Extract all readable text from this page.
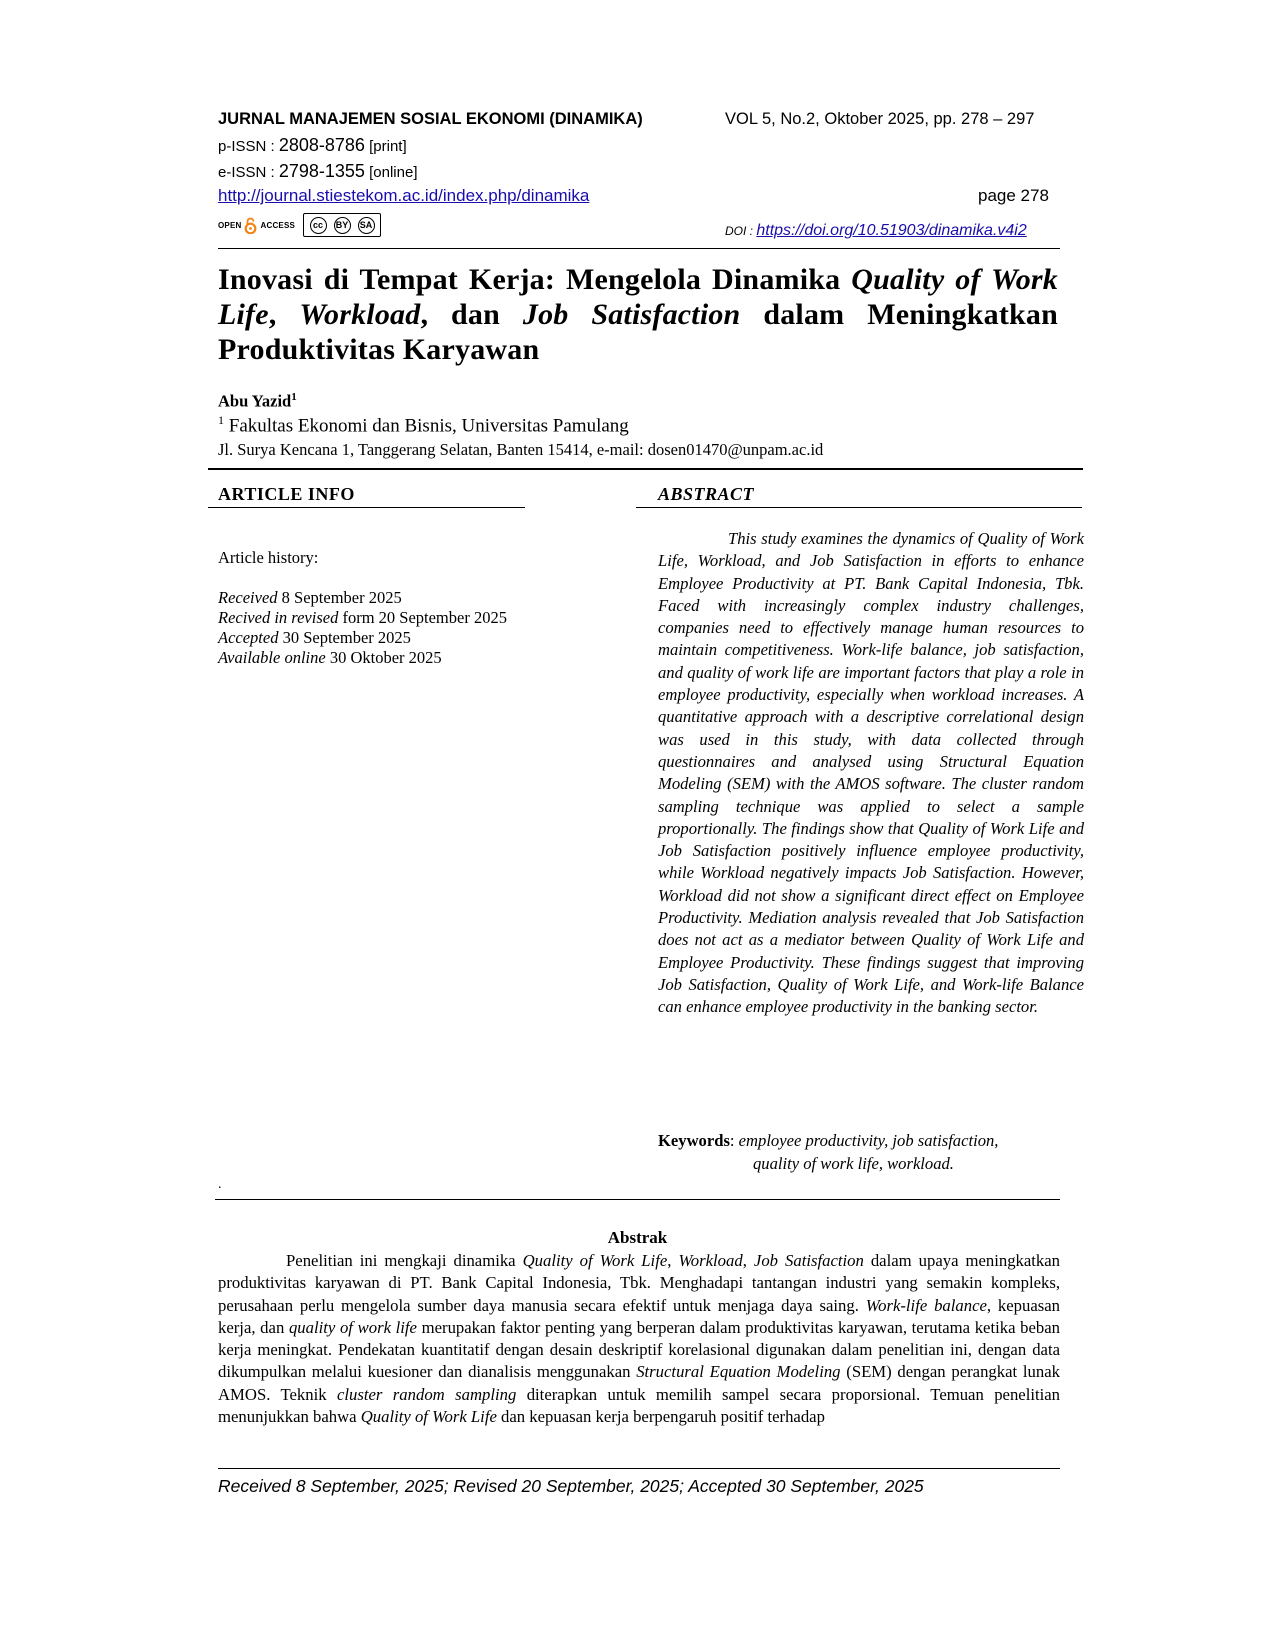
JURNAL MANAJEMEN SOSIAL EKONOMI (DINAMIKA)	VOL 5, No.2, Oktober 2025, pp. 278 – 297
p-ISSN : 2808-8786 [print]
e-ISSN : 2798-1355 [online]
http://journal.stiestekom.ac.id/index.php/dinamika	page 278
OPEN ACCESS	cc	BY SA	DOI : https://doi.org/10.51903/dinamika.v4i2
Inovasi di Tempat Kerja: Mengelola Dinamika Quality of Work Life, Workload, dan Job Satisfaction dalam Meningkatkan Produktivitas Karyawan
Abu Yazid$^1$
$^1$ Fakultas Ekonomi dan Bisnis, Universitas Pamulang
Jl. Surya Kencana 1, Tanggerang Selatan, Banten 15414, e-mail: dosen01470@unpam.ac.id
ARTICLE INFO
Article history:
Received 8 September 2025
Recived in revised form 20 September 2025
Accepted 30 September 2025
Available online 30 Oktober 2025
ABSTRACT
This study examines the dynamics of Quality of Work Life, Workload, and Job Satisfaction in efforts to enhance Employee Productivity at PT. Bank Capital Indonesia, Tbk. Faced with increasingly complex industry challenges, companies need to effectively manage human resources to maintain competitiveness. Work-life balance, job satisfaction, and quality of work life are important factors that play a role in employee productivity, especially when workload increases. A quantitative approach with a descriptive correlational design was used in this study, with data collected through questionnaires and analysed using Structural Equation Modeling (SEM) with the AMOS software. The cluster random sampling technique was applied to select a sample proportionally. The findings show that Quality of Work Life and Job Satisfaction positively influence employee productivity, while Workload negatively impacts Job Satisfaction. However, Workload did not show a significant direct effect on Employee Productivity. Mediation analysis revealed that Job Satisfaction does not act as a mediator between Quality of Work Life and Employee Productivity. These findings suggest that improving Job Satisfaction, Quality of Work Life, and Work-life Balance can enhance employee productivity in the banking sector.
Keywords: employee productivity, job satisfaction,
quality of work life, workload.
.
Abstrak
Penelitian ini mengkaji dinamika Quality of Work Life, Workload, Job Satisfaction dalam upaya meningkatkan produktivitas karyawan di PT. Bank Capital Indonesia, Tbk. Menghadapi tantangan industri yang semakin kompleks, perusahaan perlu mengelola sumber daya manusia secara efektif untuk menjaga daya saing. Work-life balance, kepuasan kerja, dan quality of work life merupakan faktor penting yang berperan dalam produktivitas karyawan, terutama ketika beban kerja meningkat. Pendekatan kuantitatif dengan desain deskriptif korelasional digunakan dalam penelitian ini, dengan data dikumpulkan melalui kuesioner dan dianalisis menggunakan Structural Equation Modeling (SEM) dengan perangkat lunak AMOS. Teknik cluster random sampling diterapkan untuk memilih sampel secara proporsional. Temuan penelitian menunjukkan bahwa Quality of Work Life dan kepuasan kerja berpengaruh positif terhadap
Received 8 September, 2025; Revised 20 September, 2025; Accepted 30 September, 2025
